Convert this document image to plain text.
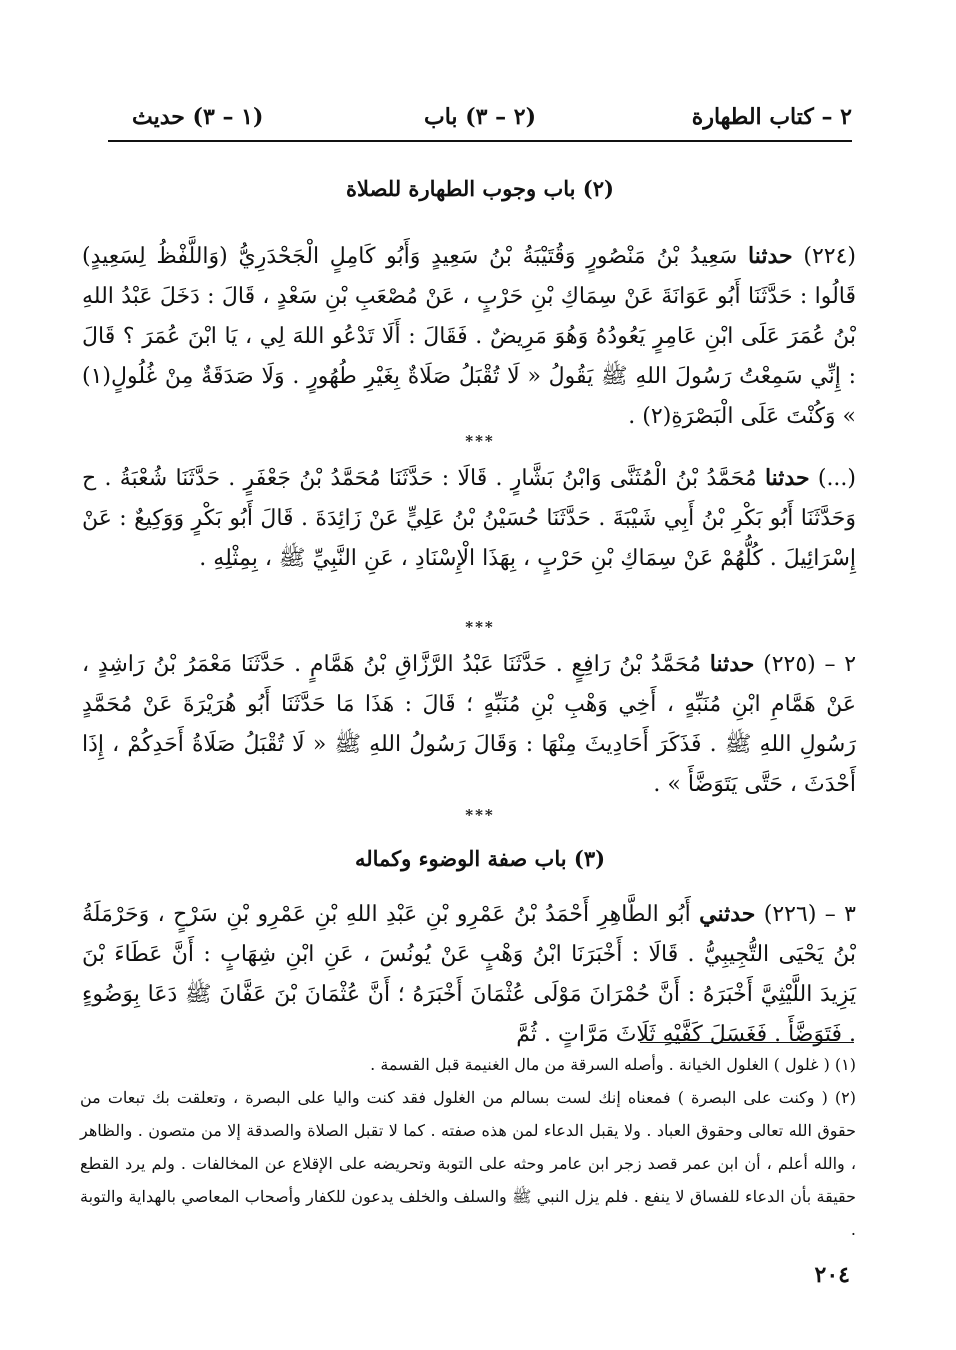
٢ – كتاب الطهارة
(٢ – ٣) باب
(١ – ٣) حديث
(٢) باب وجوب الطهارة للصلاة
(٢٢٤) حدثنا سَعِيدُ بْنُ مَنْصُورٍ وَقُتَيْبَةُ بْنُ سَعِيدٍ وَأَبُو كَامِلٍ الْجَحْدَرِيُّ (وَاللَّفْظُ لِسَعِيدٍ) قَالُوا : حَدَّثَنَا أَبُو عَوَانَةَ عَنْ سِمَاكِ بْنِ حَرْبٍ ، عَنْ مُصْعَبِ بْنِ سَعْدٍ ، قَالَ : دَخَلَ عَبْدُ اللهِ بْنُ عُمَرَ عَلَى ابْنِ عَامِرٍ يَعُودُهُ وَهُوَ مَرِيضٌ . فَقَالَ : أَلَا تَدْعُو اللهَ لِي ، يَا ابْنَ عُمَرَ ؟ قَالَ : إِنِّي سَمِعْتُ رَسُولَ اللهِ ﷺ يَقُولُ « لَا تُقْبَلُ صَلَاةٌ بِغَيْرِ طُهُورٍ . وَلَا صَدَقَةٌ مِنْ غُلُولٍ(١) » وَكُنْتَ عَلَى الْبَصْرَةِ(٢) .
***
(...) حدثنا مُحَمَّدُ بْنُ الْمُثَنَّى وَابْنُ بَشَّارٍ . قَالَا : حَدَّثَنَا مُحَمَّدُ بْنُ جَعْفَرٍ . حَدَّثَنَا شُعْبَةُ . ح وَحَدَّثَنَا أَبُو بَكْرِ بْنُ أَبِي شَيْبَةَ . حَدَّثَنَا حُسَيْنُ بْنُ عَلِيٍّ عَنْ زَائِدَةَ . قَالَ أَبُو بَكْرٍ وَوَكِيعٌ : عَنْ إِسْرَائِيلَ . كُلُّهُمْ عَنْ سِمَاكِ بْنِ حَرْبٍ ، بِهَذَا الْإِسْنَادِ ، عَنِ النَّبِيِّ ﷺ ، بِمِثْلِهِ .
***
٢ – (٢٢٥) حدثنا مُحَمَّدُ بْنُ رَافِعٍ . حَدَّثَنَا عَبْدُ الرَّزَّاقِ بْنُ هَمَّامٍ . حَدَّثَنَا مَعْمَرُ بْنُ رَاشِدٍ ، عَنْ هَمَّامِ ابْنِ مُنَبِّهٍ ، أَخِي وَهْبِ بْنِ مُنَبِّهٍ ؛ قَالَ : هَذَا مَا حَدَّثَنَا أَبُو هُرَيْرَةَ عَنْ مُحَمَّدٍ رَسُولِ اللهِ ﷺ . فَذَكَرَ أَحَادِيثَ مِنْهَا : وَقَالَ رَسُولُ اللهِ ﷺ « لَا تُقْبَلُ صَلَاةُ أَحَدِكُمْ ، إِذَا أَحْدَثَ ، حَتَّى يَتَوَضَّأَ » .
***
(٣) باب صفة الوضوء وكماله
٣ – (٢٢٦) حدثني أَبُو الطَّاهِرِ أَحْمَدُ بْنُ عَمْرِو بْنِ عَبْدِ اللهِ بْنِ عَمْرِو بْنِ سَرْحٍ ، وَحَرْمَلَةُ بْنُ يَحْيَى التُّجِيبِيُّ . قَالَا : أَخْبَرَنَا ابْنُ وَهْبٍ عَنْ يُونُسَ ، عَنِ ابْنِ شِهَابٍ : أَنَّ عَطَاءَ بْنَ يَزِيدَ اللَّيْثِيَّ أَخْبَرَهُ : أَنَّ حُمْرَانَ مَوْلَى عُثْمَانَ أَخْبَرَهُ ؛ أَنَّ عُثْمَانَ بْنَ عَفَّانَ ﷺ دَعَا بِوَضُوءٍ . فَتَوَضَّأَ . فَغَسَلَ كَفَّيْهِ ثَلَاثَ مَرَّاتٍ . ثُمَّ

(١) ( غلول ) الغلول الخيانة . وأصله السرقة من مال الغنيمة قبل القسمة .

(٢) ( وكنت على البصرة ) فمعناه إنك لست بسالم من الغلول فقد كنت واليا على البصرة ، وتعلقت بك تبعات من حقوق الله تعالى وحقوق العباد . ولا يقبل الدعاء لمن هذه صفته . كما لا تقبل الصلاة والصدقة إلا من متصون . والظاهر ، والله أعلم ، أن ابن عمر قصد زجر ابن عامر وحثه على التوبة وتحريضه على الإقلاع عن المخالفات . ولم يرد القطع حقيقة بأن الدعاء للفساق لا ينفع . فلم يزل النبي ﷺ والسلف والخلف يدعون للكفار وأصحاب المعاصي بالهداية والتوبة .

٢٠٤
